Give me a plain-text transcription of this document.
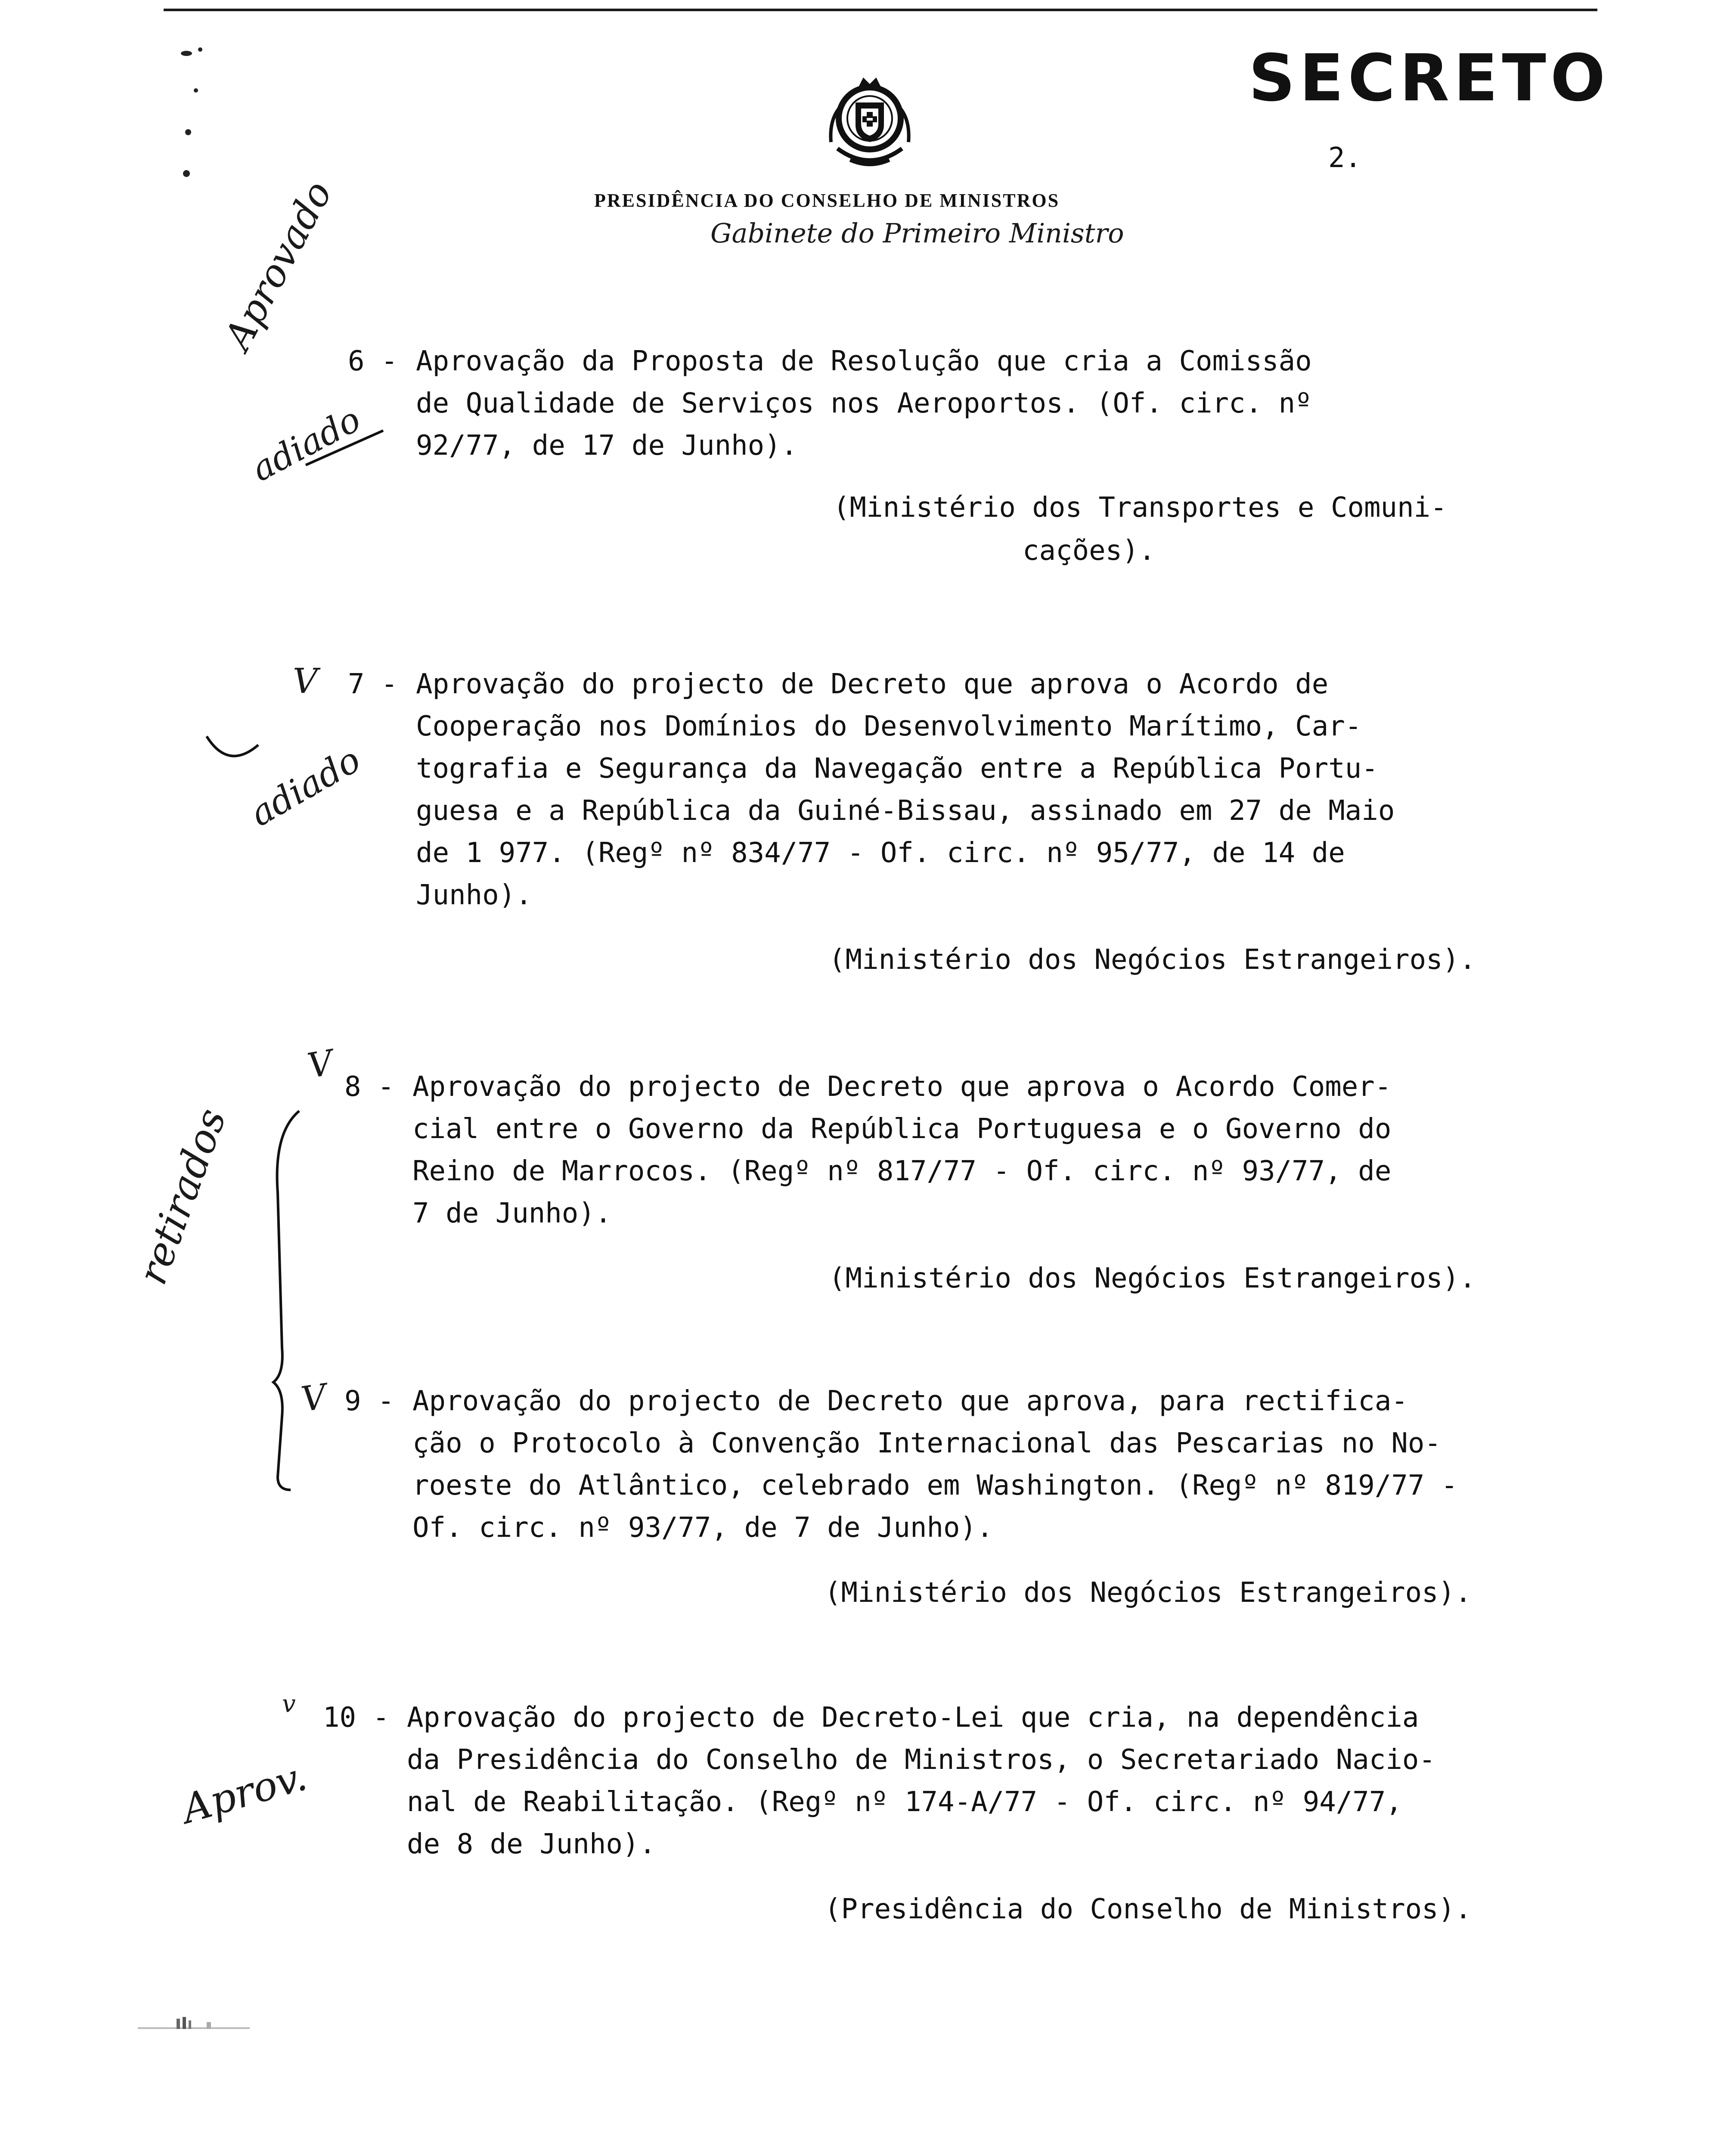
SECRETO
2.
PRESIDÊNCIA DO CONSELHO DE MINISTROS
Gabinete do Primeiro Ministro
6 - Aprovação da Proposta de Resolução que cria a Comissão
de Qualidade de Serviços nos Aeroportos. (Of. circ. nº
92/77, de 17 de Junho).
(Ministério dos Transportes e Comuni-
cações).
Aprovado
adiado
7 - Aprovação do projecto de Decreto que aprova o Acordo de
Cooperação nos Domínios do Desenvolvimento Marítimo, Car-
tografia e Segurança da Navegação entre a República Portu-
guesa e a República da Guiné-Bissau, assinado em 27 de Maio
de 1 977. (Regº nº 834/77 - Of. circ. nº 95/77, de 14 de
Junho).
(Ministério dos Negócios Estrangeiros).
V
adiado
8 - Aprovação do projecto de Decreto que aprova o Acordo Comer-
cial entre o Governo da República Portuguesa e o Governo do
Reino de Marrocos. (Regº nº 817/77 - Of. circ. nº 93/77, de
7 de Junho).
(Ministério dos Negócios Estrangeiros).
V
retirados
9 - Aprovação do projecto de Decreto que aprova, para rectifica-
ção o Protocolo à Convenção Internacional das Pescarias no No-
roeste do Atlântico, celebrado em Washington. (Regº nº 819/77 -
Of. circ. nº 93/77, de 7 de Junho).
(Ministério dos Negócios Estrangeiros).
V
10 - Aprovação do projecto de Decreto-Lei que cria, na dependência
da Presidência do Conselho de Ministros, o Secretariado Nacio-
nal de Reabilitação. (Regº nº 174-A/77 - Of. circ. nº 94/77,
de 8 de Junho).
(Presidência do Conselho de Ministros).
v
Aprov.
